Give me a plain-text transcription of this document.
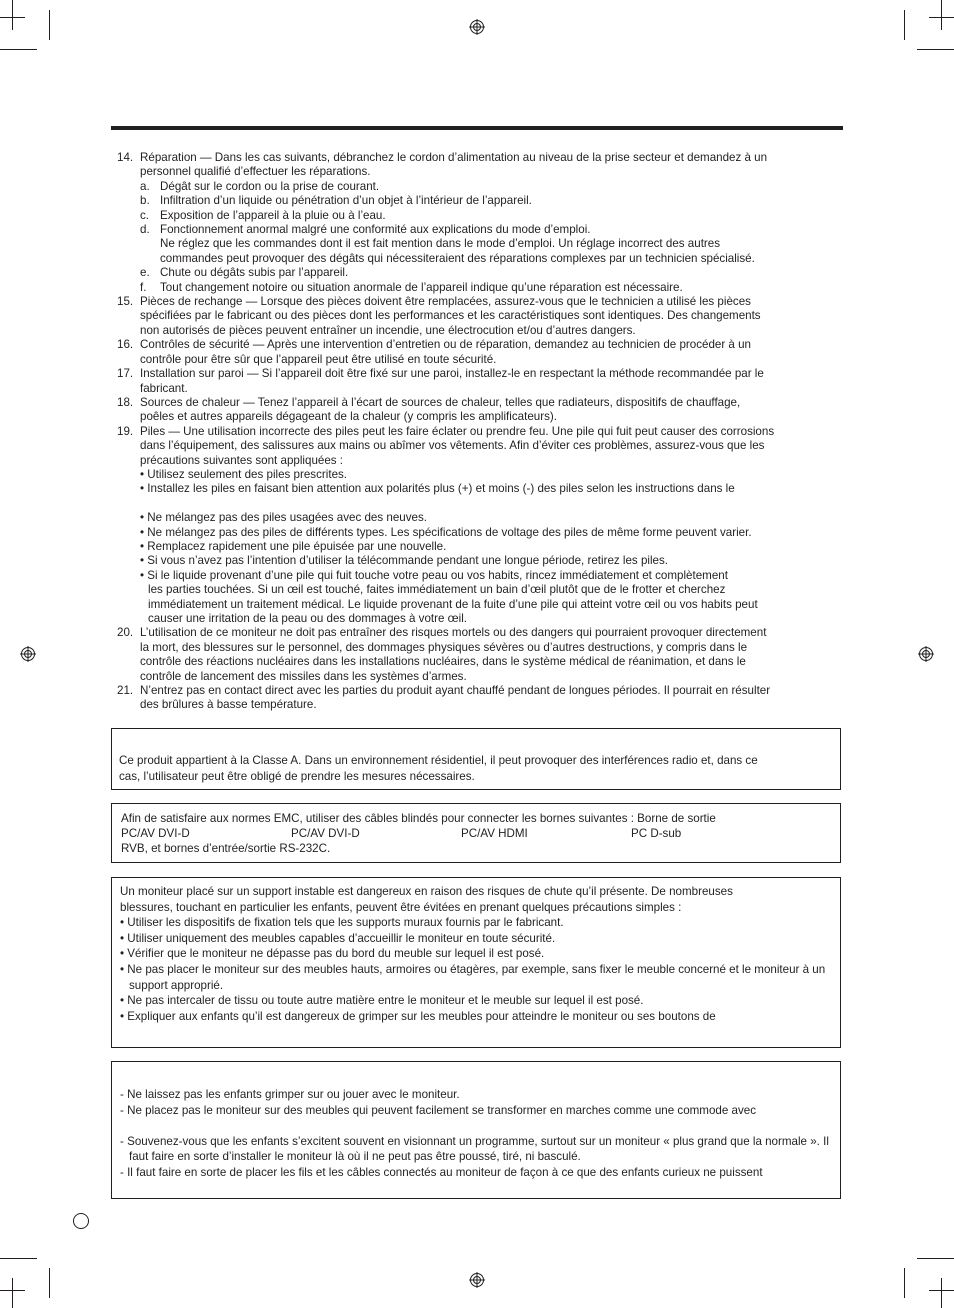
14. Réparation — Dans les cas suivants, débranchez le cordon d’alimentation au niveau de la prise secteur et demandez à un
personnel qualifié d’effectuer les réparations.
a. Dégât sur le cordon ou la prise de courant.
b. Infiltration d’un liquide ou pénétration d’un objet à l’intérieur de l’appareil.
c. Exposition de l’appareil à la pluie ou à l’eau.
d. Fonctionnement anormal malgré une conformité aux explications du mode d’emploi.
Ne réglez que les commandes dont il est fait mention dans le mode d’emploi. Un réglage incorrect des autres
commandes peut provoquer des dégâts qui nécessiteraient des réparations complexes par un technicien spécialisé.
e. Chute ou dégâts subis par l’appareil.
f. Tout changement notoire ou situation anormale de l’appareil indique qu’une réparation est nécessaire.
15. Pièces de rechange — Lorsque des pièces doivent être remplacées, assurez-vous que le technicien a utilisé les pièces
spécifiées par le fabricant ou des pièces dont les performances et les caractéristiques sont identiques. Des changements
non autorisés de pièces peuvent entraîner un incendie, une électrocution et/ou d’autres dangers.
16. Contrôles de sécurité — Après une intervention d’entretien ou de réparation, demandez au technicien de procéder à un
contrôle pour être sûr que l’appareil peut être utilisé en toute sécurité.
17. Installation sur paroi — Si l’appareil doit être fixé sur une paroi, installez-le en respectant la méthode recommandée par le
fabricant.
18. Sources de chaleur — Tenez l’appareil à l’écart de sources de chaleur, telles que radiateurs, dispositifs de chauffage,
poêles et autres appareils dégageant de la chaleur (y compris les amplificateurs).
19. Piles — Une utilisation incorrecte des piles peut les faire éclater ou prendre feu. Une pile qui fuit peut causer des corrosions
dans l’équipement, des salissures aux mains ou abîmer vos vêtements. Afin d’éviter ces problèmes, assurez-vous que les
précautions suivantes sont appliquées :
• Utilisez seulement des piles prescrites.
• Installez les piles en faisant bien attention aux polarités plus (+) et moins (-) des piles selon les instructions dans le
• Ne mélangez pas des piles usagées avec des neuves.
• Ne mélangez pas des piles de différents types. Les spécifications de voltage des piles de même forme peuvent varier.
• Remplacez rapidement une pile épuisée par une nouvelle.
• Si vous n’avez pas l’intention d’utiliser la télécommande pendant une longue période, retirez les piles.
• Si le liquide provenant d’une pile qui fuit touche votre peau ou vos habits, rincez immédiatement et complètement
les parties touchées. Si un œil est touché, faites immédiatement un bain d’œil plutôt que de le frotter et cherchez
immédiatement un traitement médical. Le liquide provenant de la fuite d’une pile qui atteint votre œil ou vos habits peut
causer une irritation de la peau ou des dommages à votre œil.
20. L’utilisation de ce moniteur ne doit pas entraîner des risques mortels ou des dangers qui pourraient provoquer directement
la mort, des blessures sur le personnel, des dommages physiques sévères ou d’autres destructions, y compris dans le
contrôle des réactions nucléaires dans les installations nucléaires, dans le système médical de réanimation, et dans le
contrôle de lancement des missiles dans les systèmes d’armes.
21. N’entrez pas en contact direct avec les parties du produit ayant chauffé pendant de longues périodes. Il pourrait en résulter
des brûlures à basse température.
Ce produit appartient à la Classe A. Dans un environnement résidentiel, il peut provoquer des interférences radio et, dans ce
cas, l’utilisateur peut être obligé de prendre les mesures nécessaires.
Afin de satisfaire aux normes EMC, utiliser des câbles blindés pour connecter les bornes suivantes : Borne de sortie
PC/AV DVI-D	PC/AV DVI-D	PC/AV HDMI	PC D-sub
RVB, et bornes d’entrée/sortie RS-232C.
Un moniteur placé sur un support instable est dangereux en raison des risques de chute qu’il présente. De nombreuses
blessures, touchant en particulier les enfants, peuvent être évitées en prenant quelques précautions simples :
• Utiliser les dispositifs de fixation tels que les supports muraux fournis par le fabricant.
• Utiliser uniquement des meubles capables d’accueillir le moniteur en toute sécurité.
• Vérifier que le moniteur ne dépasse pas du bord du meuble sur lequel il est posé.
• Ne pas placer le moniteur sur des meubles hauts, armoires ou étagères, par exemple, sans fixer le meuble concerné et le moniteur à un support approprié.
• Ne pas intercaler de tissu ou toute autre matière entre le moniteur et le meuble sur lequel il est posé.
• Expliquer aux enfants qu’il est dangereux de grimper sur les meubles pour atteindre le moniteur ou ses boutons de
- Ne laissez pas les enfants grimper sur ou jouer avec le moniteur.
- Ne placez pas le moniteur sur des meubles qui peuvent facilement se transformer en marches comme une commode avec
- Souvenez-vous que les enfants s’excitent souvent en visionnant un programme, surtout sur un moniteur « plus grand que la normale ». Il faut faire en sorte d’installer le moniteur là où il ne peut pas être poussé, tiré, ni basculé.
- Il faut faire en sorte de placer les fils et les câbles connectés au moniteur de façon à ce que des enfants curieux ne puissent
